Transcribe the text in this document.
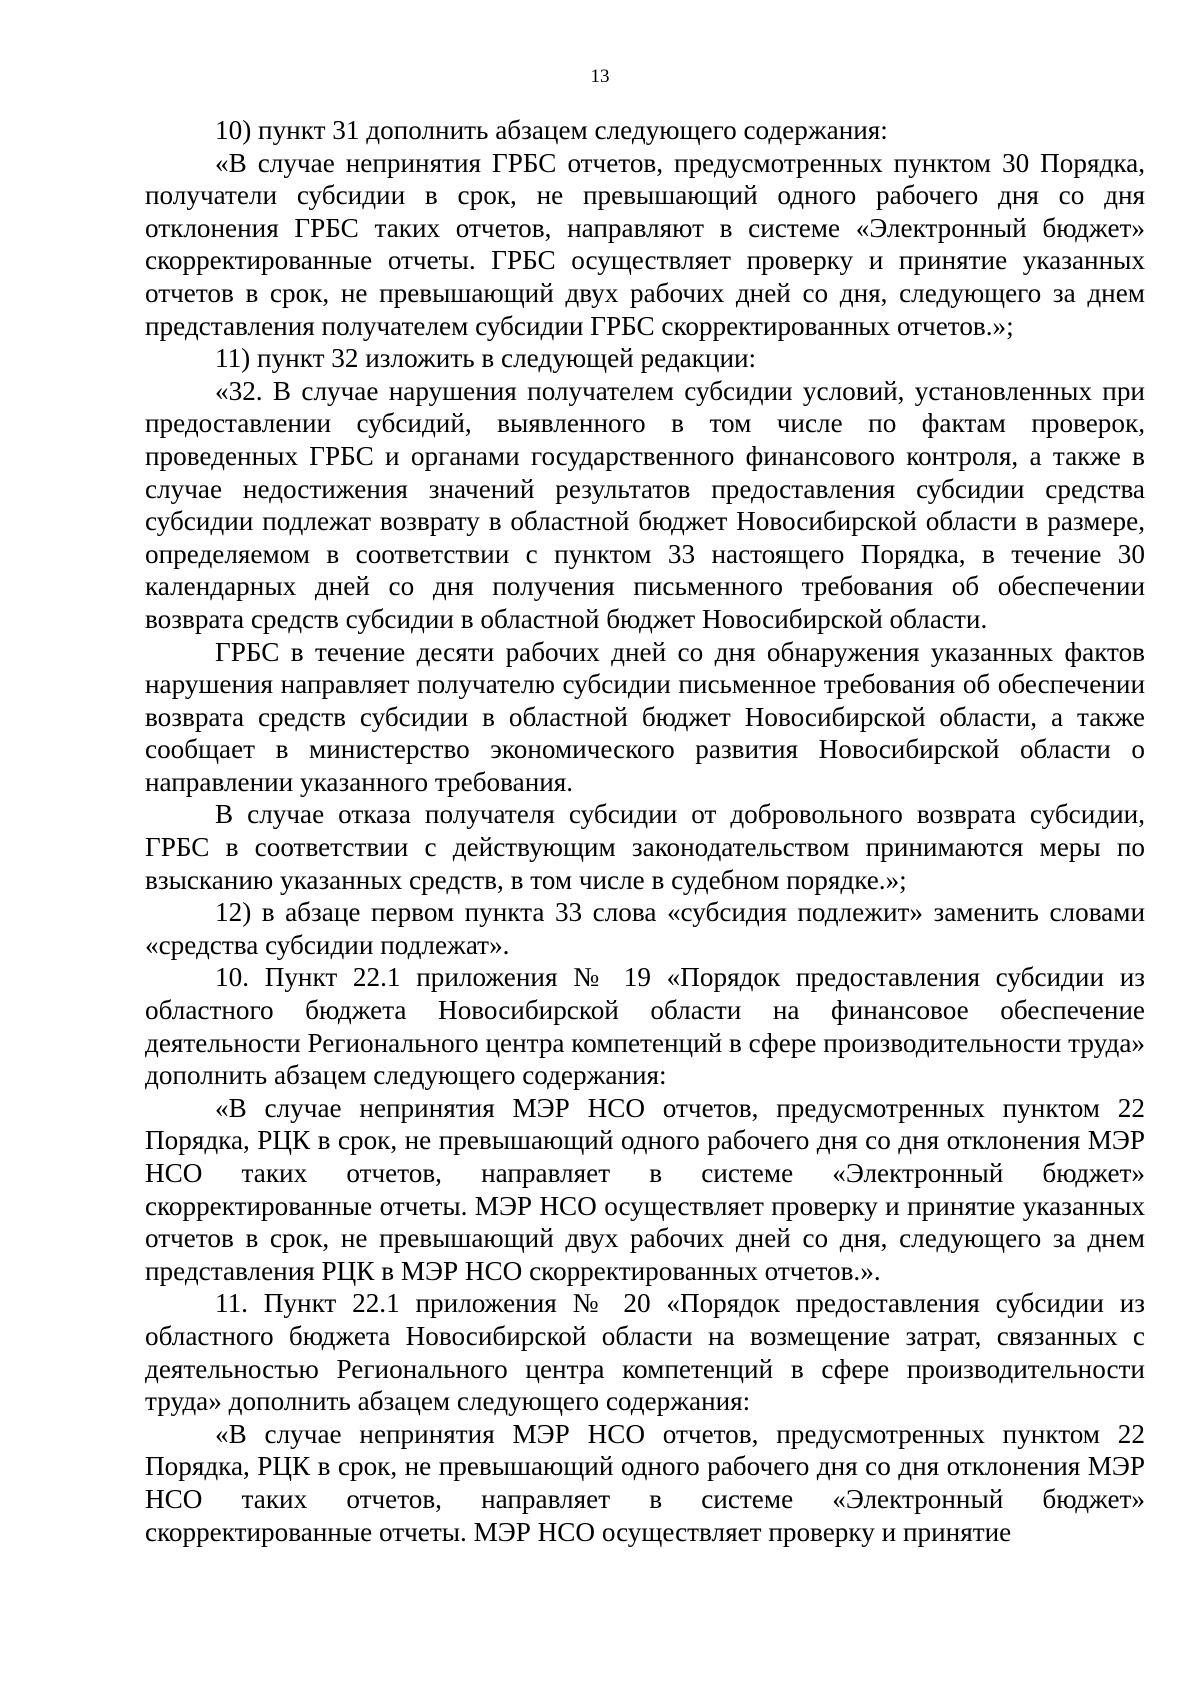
13

10) пункт 31 дополнить абзацем следующего содержания:

«В случае непринятия ГРБС отчетов, предусмотренных пунктом 30 Порядка, получатели субсидии в срок, не превышающий одного рабочего дня со дня отклонения ГРБС таких отчетов, направляют в системе «Электронный бюджет» скорректированные отчеты. ГРБС осуществляет проверку и принятие указанных отчетов в срок, не превышающий двух рабочих дней со дня, следующего за днем представления получателем субсидии ГРБС скорректированных отчетов.»;

11) пункт 32 изложить в следующей редакции:

«32. В случае нарушения получателем субсидии условий, установленных при предоставлении субсидий, выявленного в том числе по фактам проверок, проведенных ГРБС и органами государственного финансового контроля, а также в случае недостижения значений результатов предоставления субсидии средства субсидии подлежат возврату в областной бюджет Новосибирской области в размере, определяемом в соответствии с пунктом 33 настоящего Порядка, в течение 30 календарных дней со дня получения письменного требования об обеспечении возврата средств субсидии в областной бюджет Новосибирской области.

ГРБС в течение десяти рабочих дней со дня обнаружения указанных фактов нарушения направляет получателю субсидии письменное требования об обеспечении возврата средств субсидии в областной бюджет Новосибирской области, а также сообщает в министерство экономического развития Новосибирской области о направлении указанного требования.

В случае отказа получателя субсидии от добровольного возврата субсидии, ГРБС в соответствии с действующим законодательством принимаются меры по взысканию указанных средств, в том числе в судебном порядке.»;

12) в абзаце первом пункта 33 слова «субсидия подлежит» заменить словами «средства субсидии подлежат».

10. Пункт 22.1 приложения № 19 «Порядок предоставления субсидии из областного бюджета Новосибирской области на финансовое обеспечение деятельности Регионального центра компетенций в сфере производительности труда» дополнить абзацем следующего содержания:

«В случае непринятия МЭР НСО отчетов, предусмотренных пунктом 22 Порядка, РЦК в срок, не превышающий одного рабочего дня со дня отклонения МЭР НСО таких отчетов, направляет в системе «Электронный бюджет» скорректированные отчеты. МЭР НСО осуществляет проверку и принятие указанных отчетов в срок, не превышающий двух рабочих дней со дня, следующего за днем представления РЦК в МЭР НСО скорректированных отчетов.».

11. Пункт 22.1 приложения № 20 «Порядок предоставления субсидии из областного бюджета Новосибирской области на возмещение затрат, связанных с деятельностью Регионального центра компетенций в сфере производительности труда» дополнить абзацем следующего содержания:

«В случае непринятия МЭР НСО отчетов, предусмотренных пунктом 22 Порядка, РЦК в срок, не превышающий одного рабочего дня со дня отклонения МЭР НСО таких отчетов, направляет в системе «Электронный бюджет» скорректированные отчеты. МЭР НСО осуществляет проверку и принятие
